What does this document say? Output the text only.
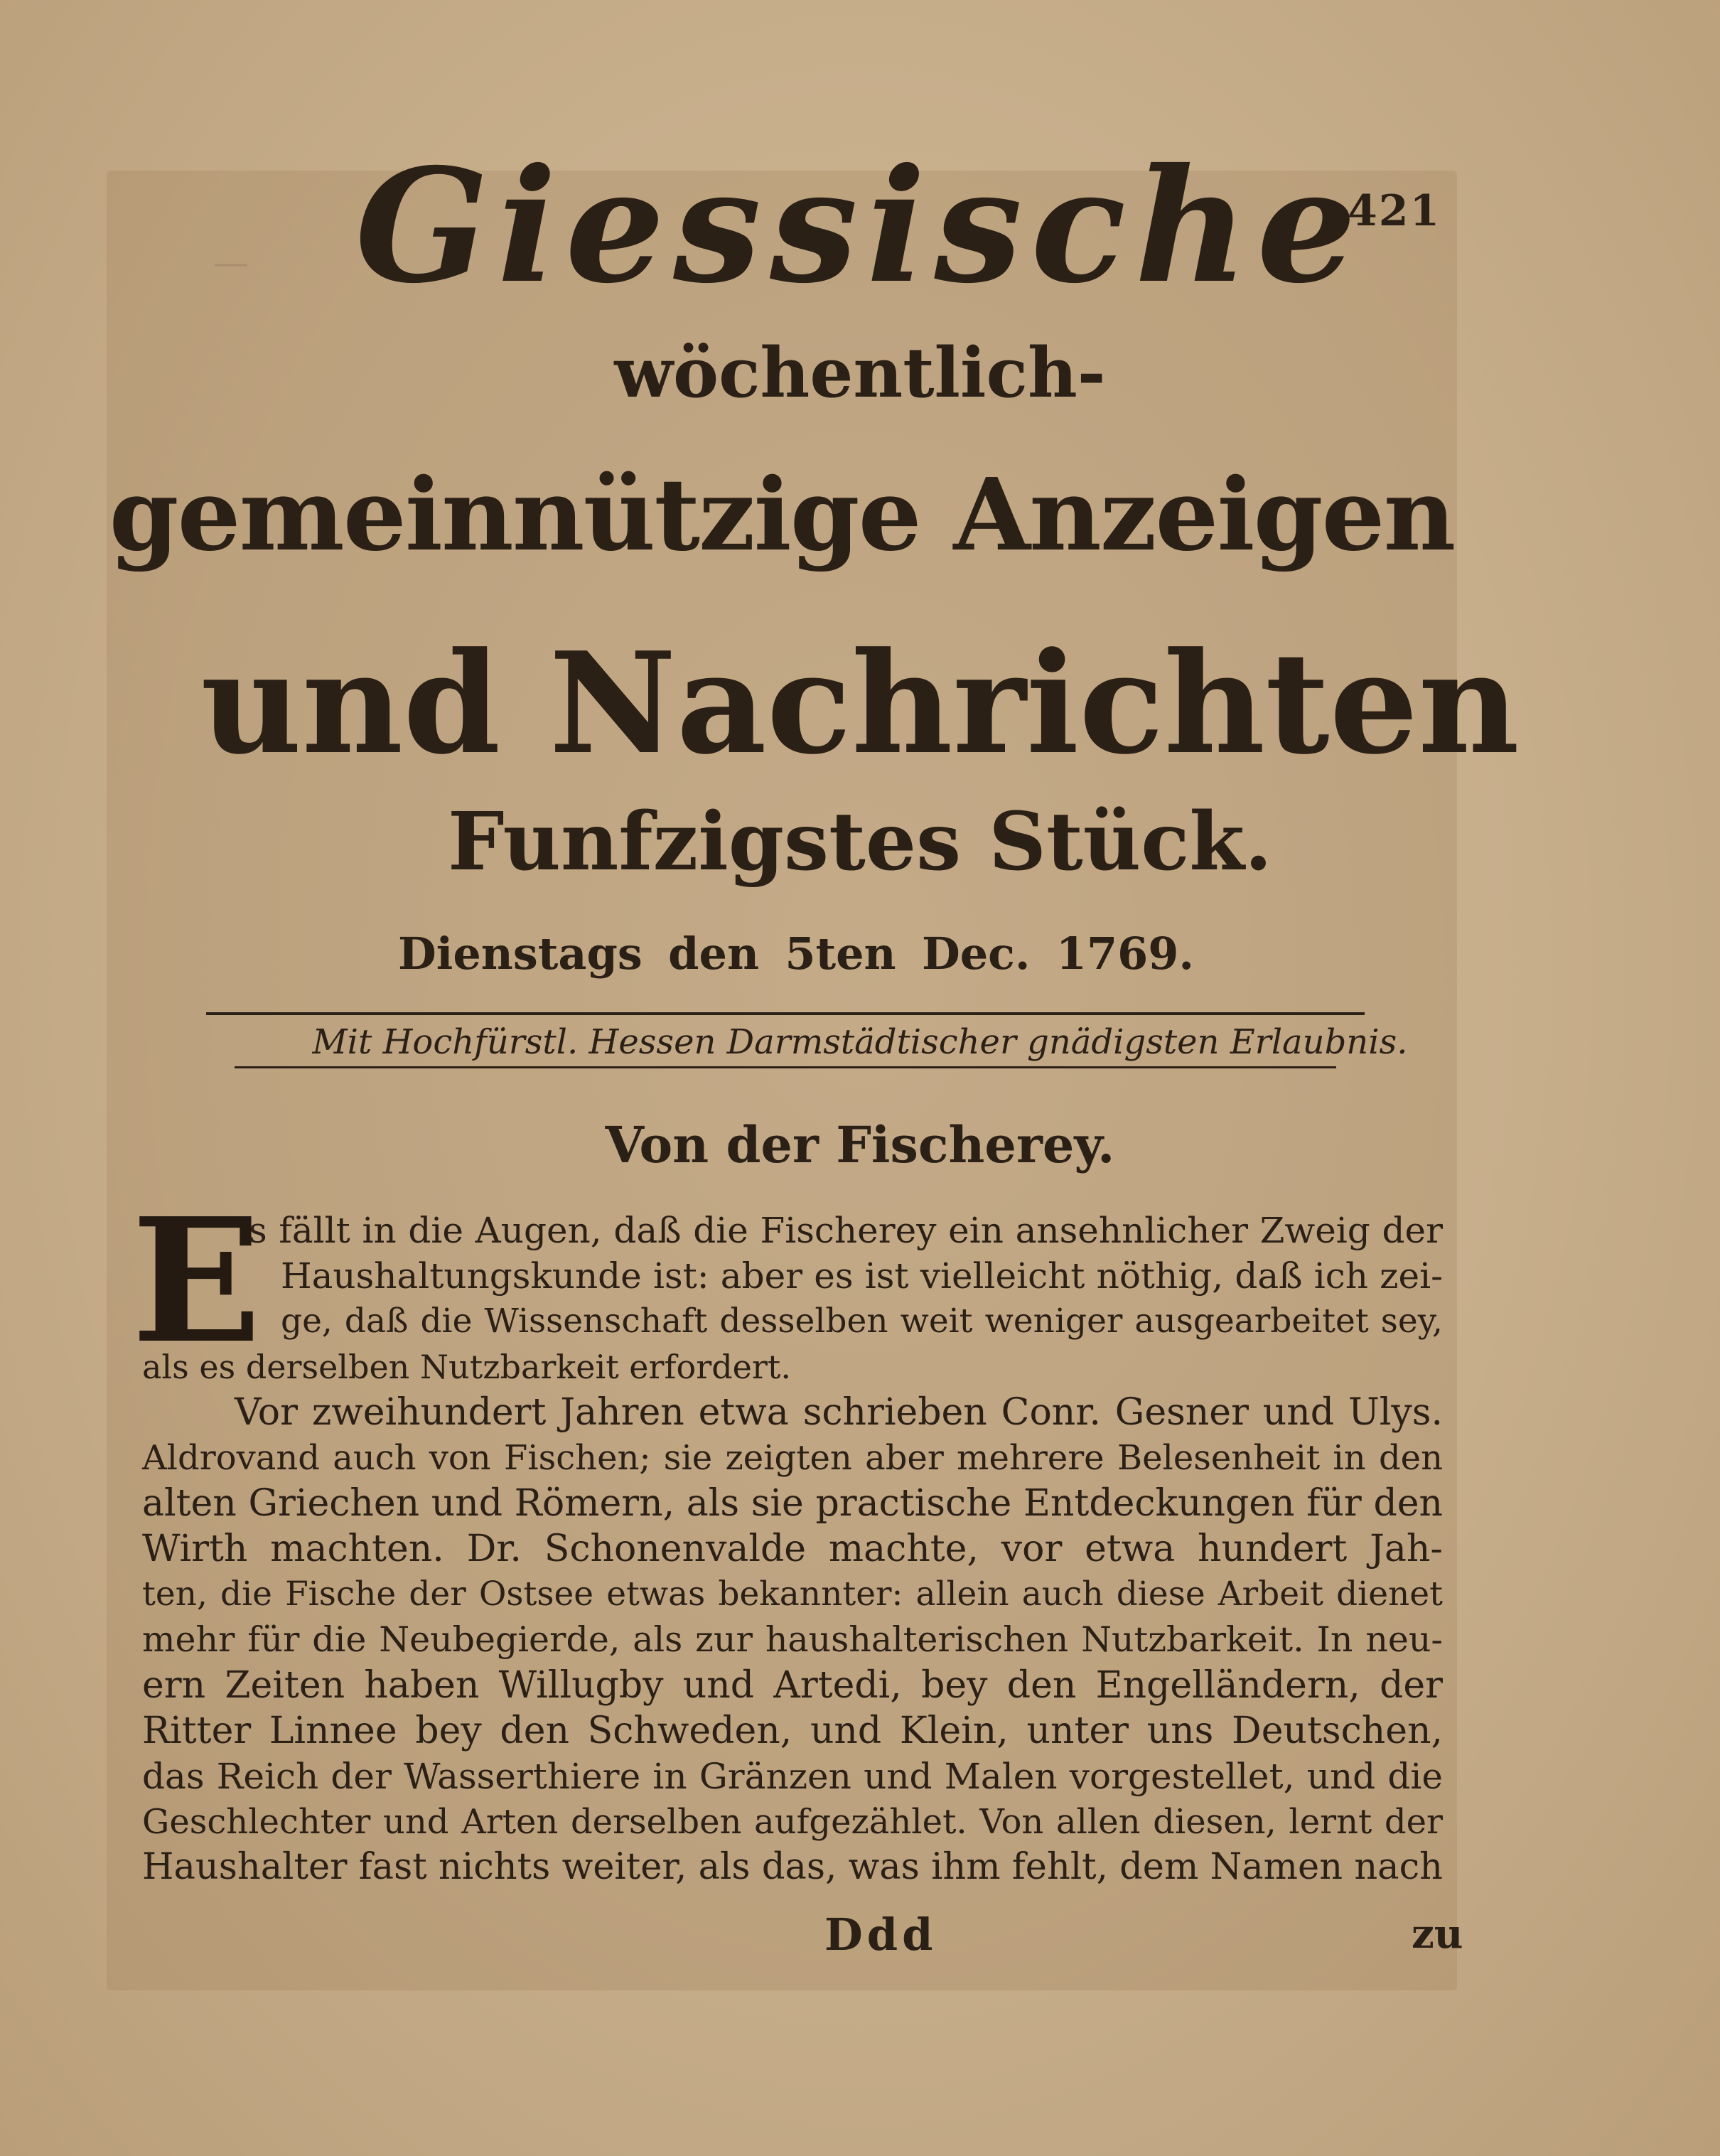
—
421
Giessische
wöchentlich-
gemeinnützige Anzeigen
und Nachrichten
Funfzigstes Stück.
Dienstags den 5ten Dec. 1769.
Mit Hochfürstl. Hessen Darmstädtischer gnädigsten Erlaubnis.
Von der Fischerey.
E

s fällt in die Augen, daß die Fischerey ein ansehnlicher Zweig der

Haushaltungskunde ist: aber es ist vielleicht nöthig, daß ich zei-

ge, daß die Wissenschaft desselben weit weniger ausgearbeitet sey,

als es derselben Nutzbarkeit erfordert.

Vor zweihundert Jahren etwa schrieben Conr. Gesner und Ulys.

Aldrovand auch von Fischen; sie zeigten aber mehrere Belesenheit in den

alten Griechen und Römern, als sie practische Entdeckungen für den

Wirth machten. Dr. Schonenvalde machte, vor etwa hundert Jah-

ten, die Fische der Ostsee etwas bekannter: allein auch diese Arbeit dienet

mehr für die Neubegierde, als zur haushalterischen Nutzbarkeit. In neu-

ern Zeiten haben Willugby und Artedi, bey den Engelländern, der

Ritter Linnee bey den Schweden, und Klein, unter uns Deutschen,

das Reich der Wasserthiere in Gränzen und Malen vorgestellet, und die

Geschlechter und Arten derselben aufgezählet. Von allen diesen, lernt der

Haushalter fast nichts weiter, als das, was ihm fehlt, dem Namen nach

Ddd	zu
